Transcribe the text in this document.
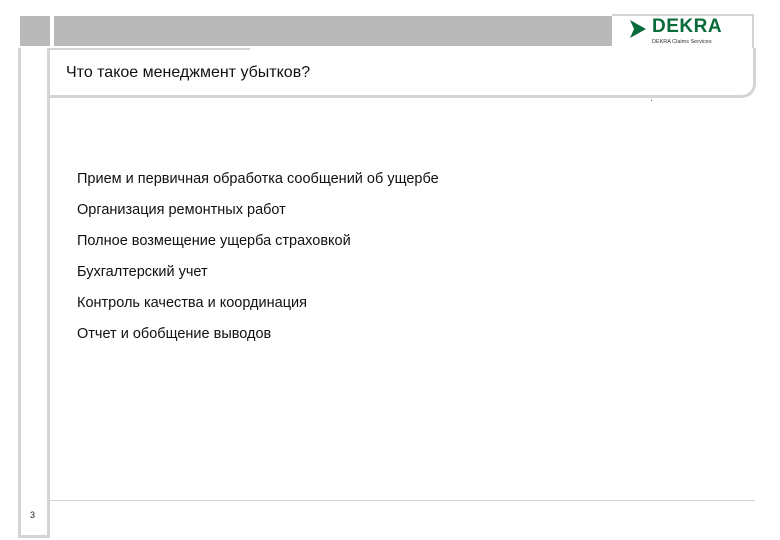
DEKRA
DEKRA Claims Services
Что такое менеджмент убытков?
Прием и первичная обработка сообщений об ущербе
Организация ремонтных работ
Полное возмещение ущерба страховкой
Бухгалтерский учет
Контроль качества и координация
Отчет и обобщение выводов
3
